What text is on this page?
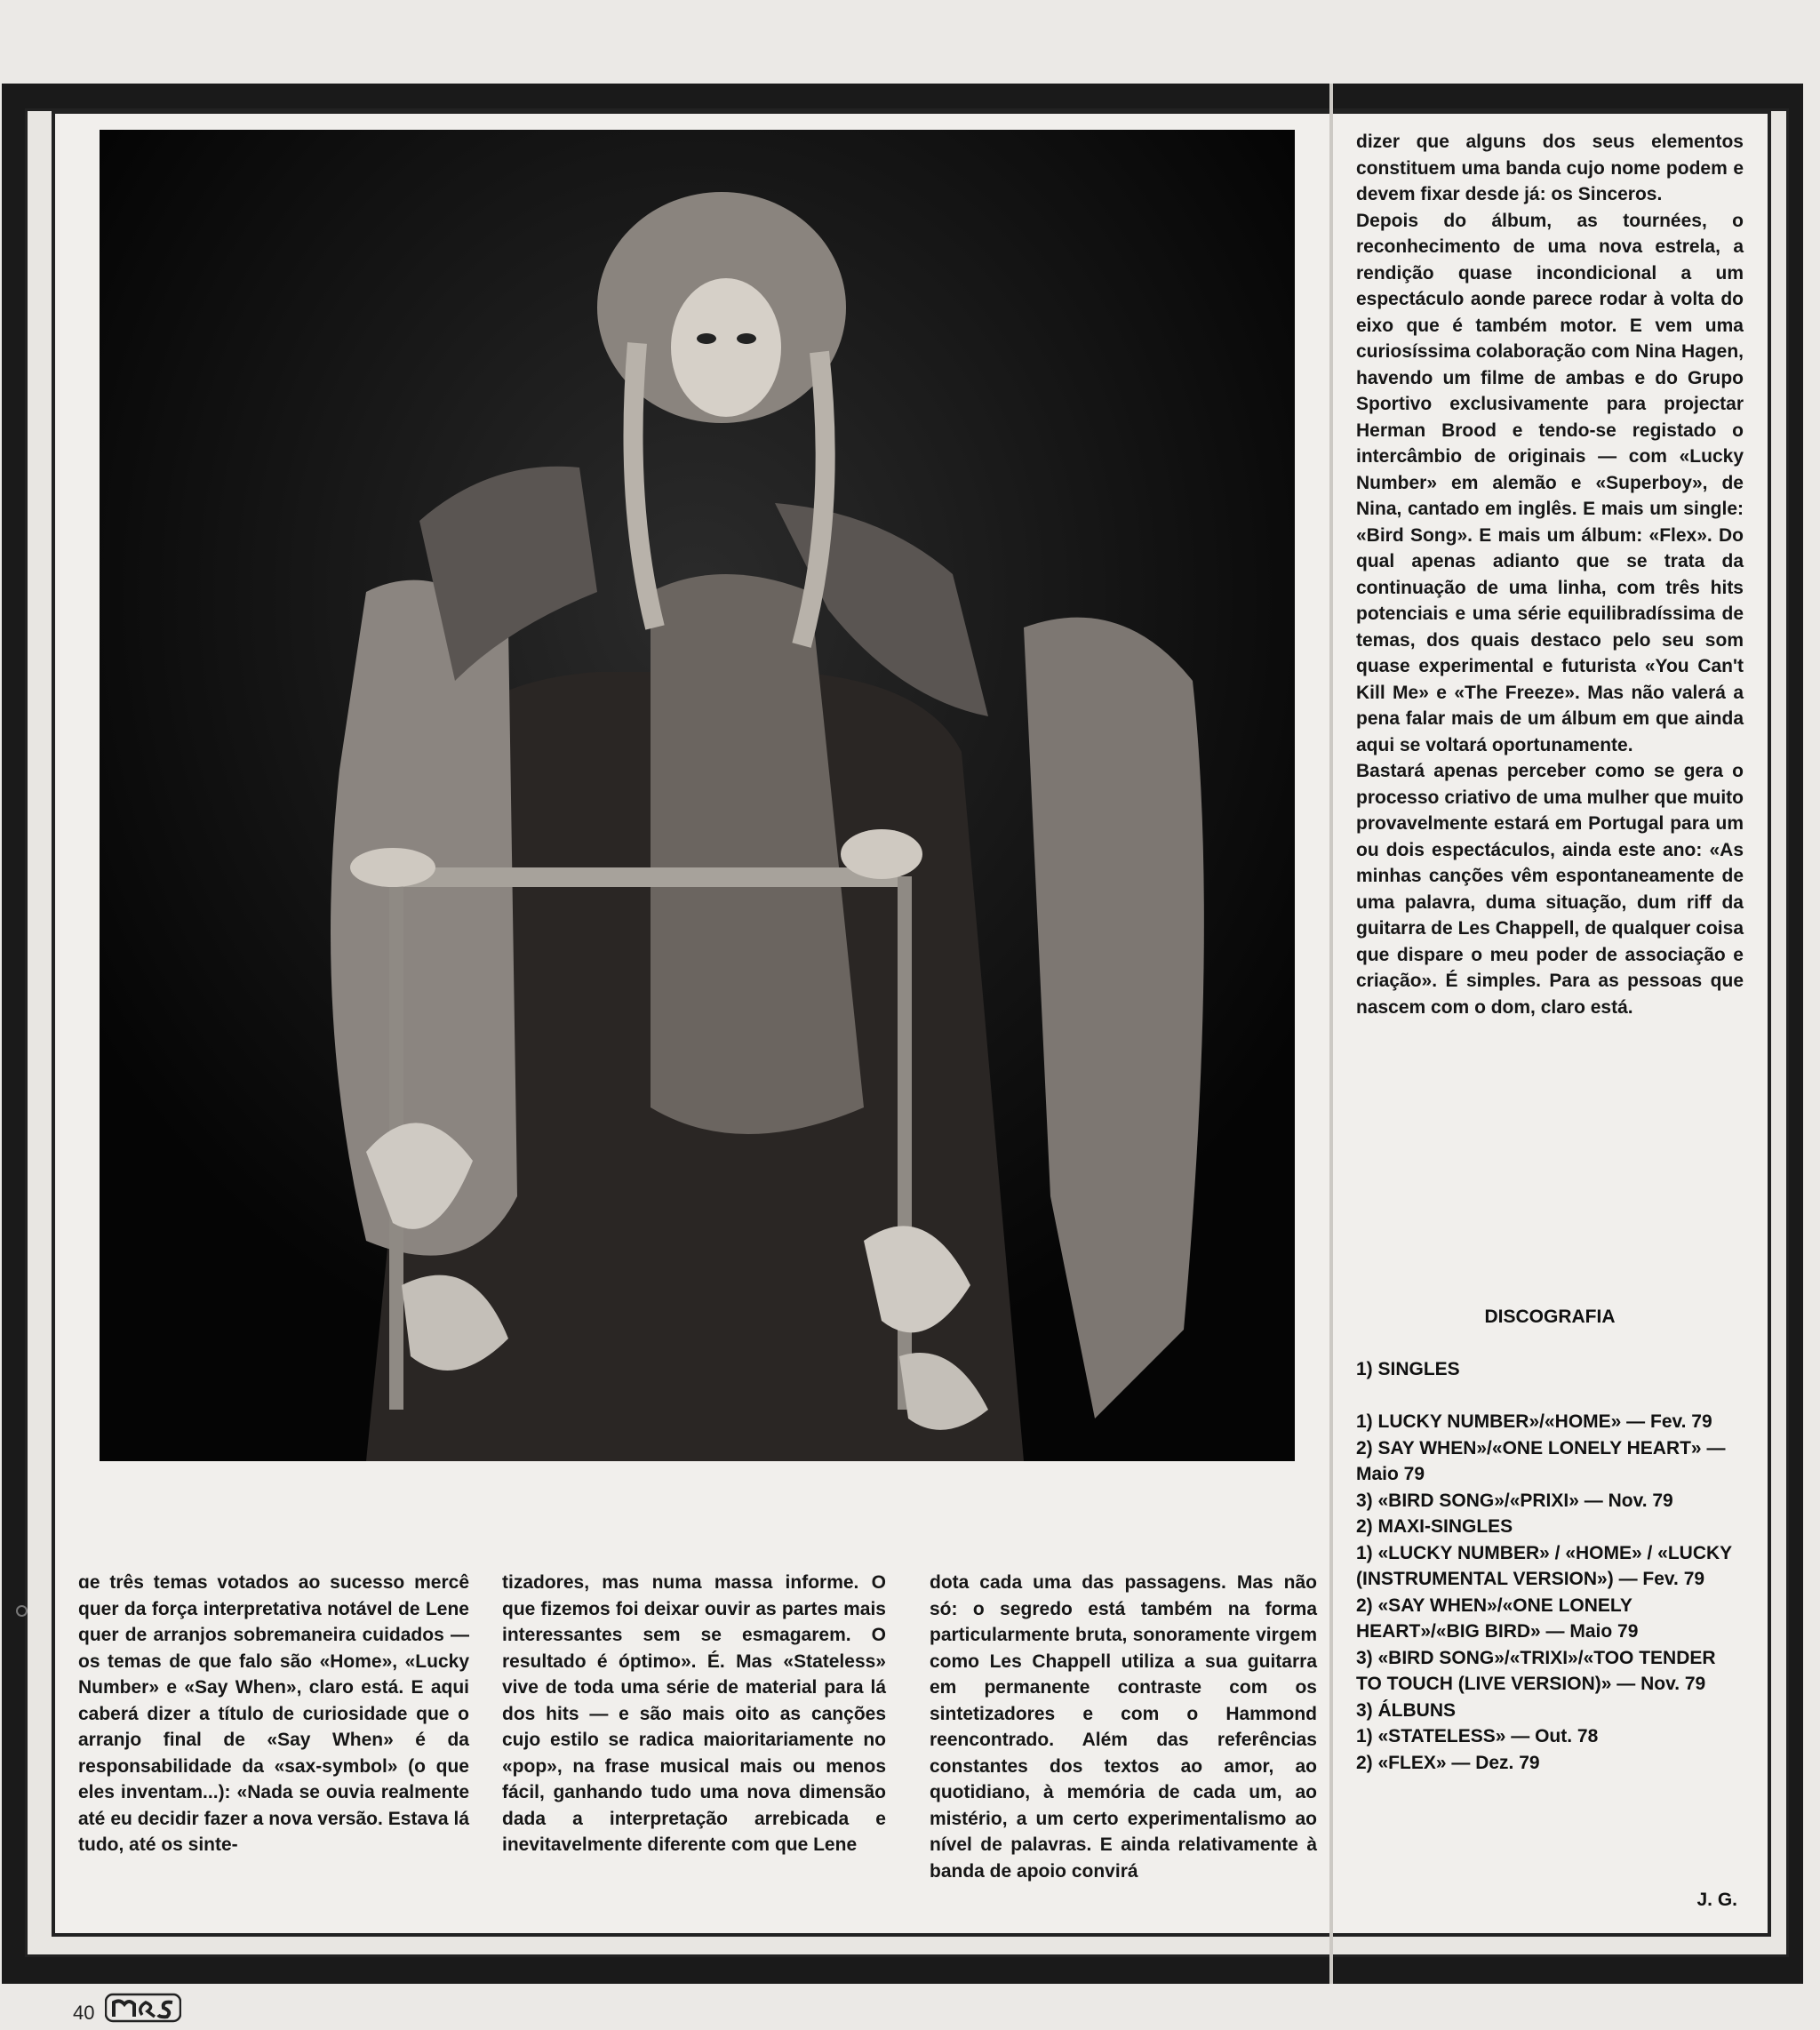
ɑe três temas votados ao sucesso mercê quer da força interpretativa notável de Lene quer de arranjos sobremaneira cuidados — os temas de que falo são «Home», «Lucky Number» e «Say When», claro está. E aqui caberá dizer a título de curiosidade que o arranjo final de «Say When» é da responsabilidade da «sax-symbol» (o que eles inventam...): «Nada se ouvia realmente até eu decidir fazer a nova versão. Estava lá tudo, até os sinte-
tizadores, mas numa massa informe. O que fizemos foi deixar ouvir as partes mais interessantes sem se esmagarem. O resultado é óptimo». É. Mas «Stateless» vive de toda uma série de material para lá dos hits — e são mais oito as canções cujo estilo se radica maioritariamente no «pop», na frase musical mais ou menos fácil, ganhando tudo uma nova dimensão dada a interpretação arrebicada e inevitavelmente diferente com que Lene
dota cada uma das passagens. Mas não só: o segredo está também na forma particularmente bruta, sonoramente virgem como Les Chappell utiliza a sua guitarra em permanente contraste com os sintetizadores e com o Hammond reencontrado. Além das referências constantes dos textos ao amor, ao quotidiano, à memória de cada um, ao mistério, a um certo experimentalismo ao nível de palavras. E ainda relativamente à banda de apoio convirá
dizer que alguns dos seus elementos constituem uma banda cujo nome podem e devem fixar desde já: os Sinceros.
Depois do álbum, as tournées, o reconhecimento de uma nova estrela, a rendição quase incondicional a um espectáculo aonde parece rodar à volta do eixo que é também motor. E vem uma curiosíssima colaboração com Nina Hagen, havendo um filme de ambas e do Grupo Sportivo exclusivamente para projectar Herman Brood e tendo-se registado o intercâmbio de originais — com «Lucky Number» em alemão e «Superboy», de Nina, cantado em inglês. E mais um single: «Bird Song». E mais um álbum: «Flex». Do qual apenas adianto que se trata da continuação de uma linha, com três hits potenciais e uma série equilibradíssima de temas, dos quais destaco pelo seu som quase experimental e futurista «You Can't Kill Me» e «The Freeze». Mas não valerá a pena falar mais de um álbum em que ainda aqui se voltará oportunamente.
Bastará apenas perceber como se gera o processo criativo de uma mulher que muito provavelmente estará em Portugal para um ou dois espectáculos, ainda este ano: «As minhas canções vêm espontaneamente de uma palavra, duma situação, dum riff da guitarra de Les Chappell, de qualquer coisa que dispare o meu poder de associação e criação». É simples. Para as pessoas que nascem com o dom, claro está.
DISCOGRAFIA
1) SINGLES

1) LUCKY NUMBER»/«HOME» — Fev. 79
2) SAY WHEN»/«ONE LONELY HEART» — Maio 79
3) «BIRD SONG»/«PRIXI» — Nov. 79
2) MAXI-SINGLES
1) «LUCKY NUMBER» / «HOME» / «LUCKY (INSTRUMENTAL VERSION») — Fev. 79
2) «SAY WHEN»/«ONE LONELY HEART»/«BIG BIRD» — Maio 79
3) «BIRD SONG»/«TRIXI»/«TOO TENDER TO TOUCH (LIVE VERSION)» — Nov. 79
3) ÁLBUNS
1) «STATELESS» — Out. 78
2) «FLEX» — Dez. 79
J. G.
40
